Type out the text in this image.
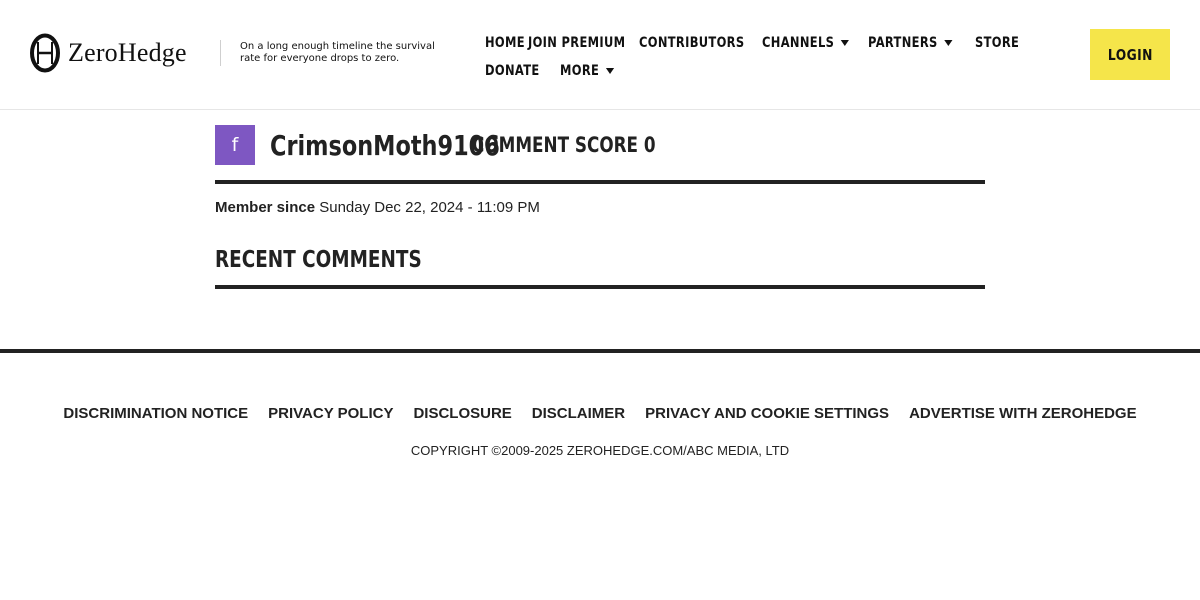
ZeroHedge	On a long enough timeline the survival rate for everyone drops to zero.
HOME JOIN PREMIUM CONTRIBUTORS CHANNELS PARTNERS	STORE
DONATE MORE
LOGIN
f	CrimsonMoth9106
COMMENT SCORE 0
Member since Sunday Dec 22, 2024 - 11:09 PM
RECENT COMMENTS
DISCRIMINATION NOTICE PRIVACY POLICY DISCLOSURE DISCLAIMER PRIVACY AND COOKIE SETTINGS ADVERTISE WITH ZEROHEDGE
COPYRIGHT ©2009-2025 ZEROHEDGE.COM/ABC MEDIA, LTD
